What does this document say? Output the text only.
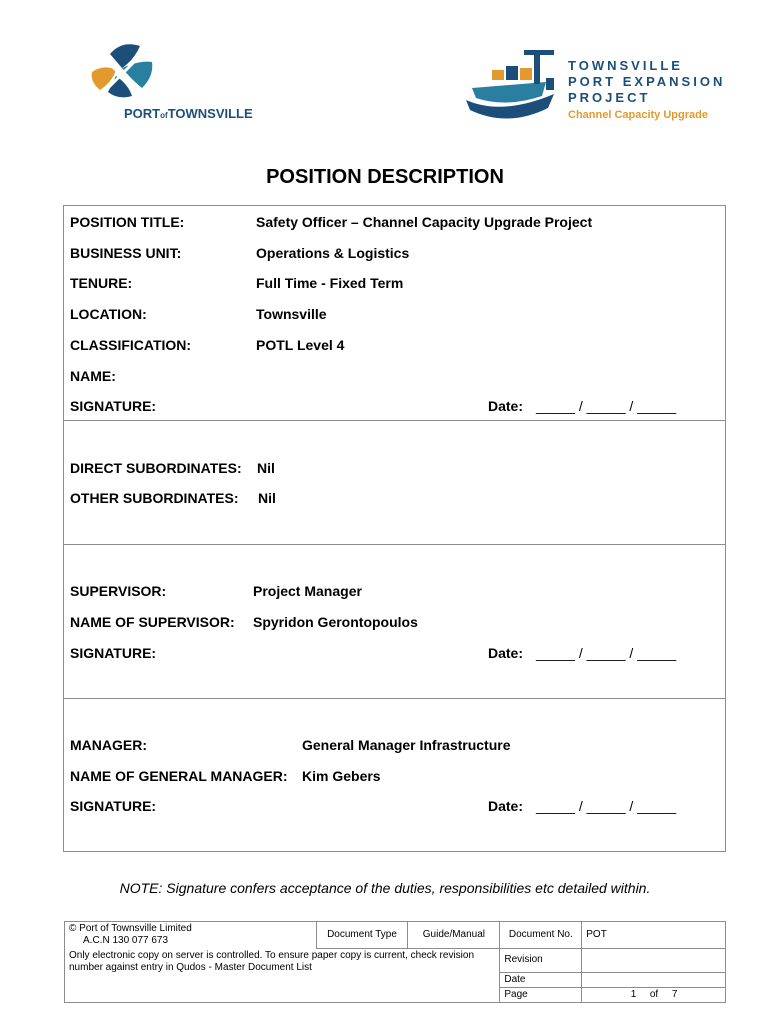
PORTofTOWNSVILLE
TOWNSVILLE
PORT EXPANSION
PROJECT
Channel Capacity Upgrade
POSITION DESCRIPTION
POSITION TITLE:	Safety Officer – Channel Capacity Upgrade Project
BUSINESS UNIT:	Operations & Logistics
TENURE:	Full Time - Fixed Term
LOCATION:	Townsville
CLASSIFICATION:	POTL Level 4
NAME:
SIGNATURE:	Date: _____ / _____ / _____
DIRECT SUBORDINATES: Nil
OTHER SUBORDINATES: Nil
SUPERVISOR:	Project Manager
NAME OF SUPERVISOR: Spyridon Gerontopoulos
SIGNATURE:	Date: _____ / _____ / _____
MANAGER:	General Manager Infrastructure
NAME OF GENERAL MANAGER: Kim Gebers
SIGNATURE:	Date: _____ / _____ / _____
NOTE: Signature confers acceptance of the duties, responsibilities etc detailed within.
© Port of Townsville Limited
A.C.N 130 077 673	Document Type	Guide/Manual	Document No.	POT
Only electronic copy on server is controlled. To ensure paper copy is current, check revision number against entry in Qudos - Master Document List			Revision	
			Date	
			Page	1 of 7
